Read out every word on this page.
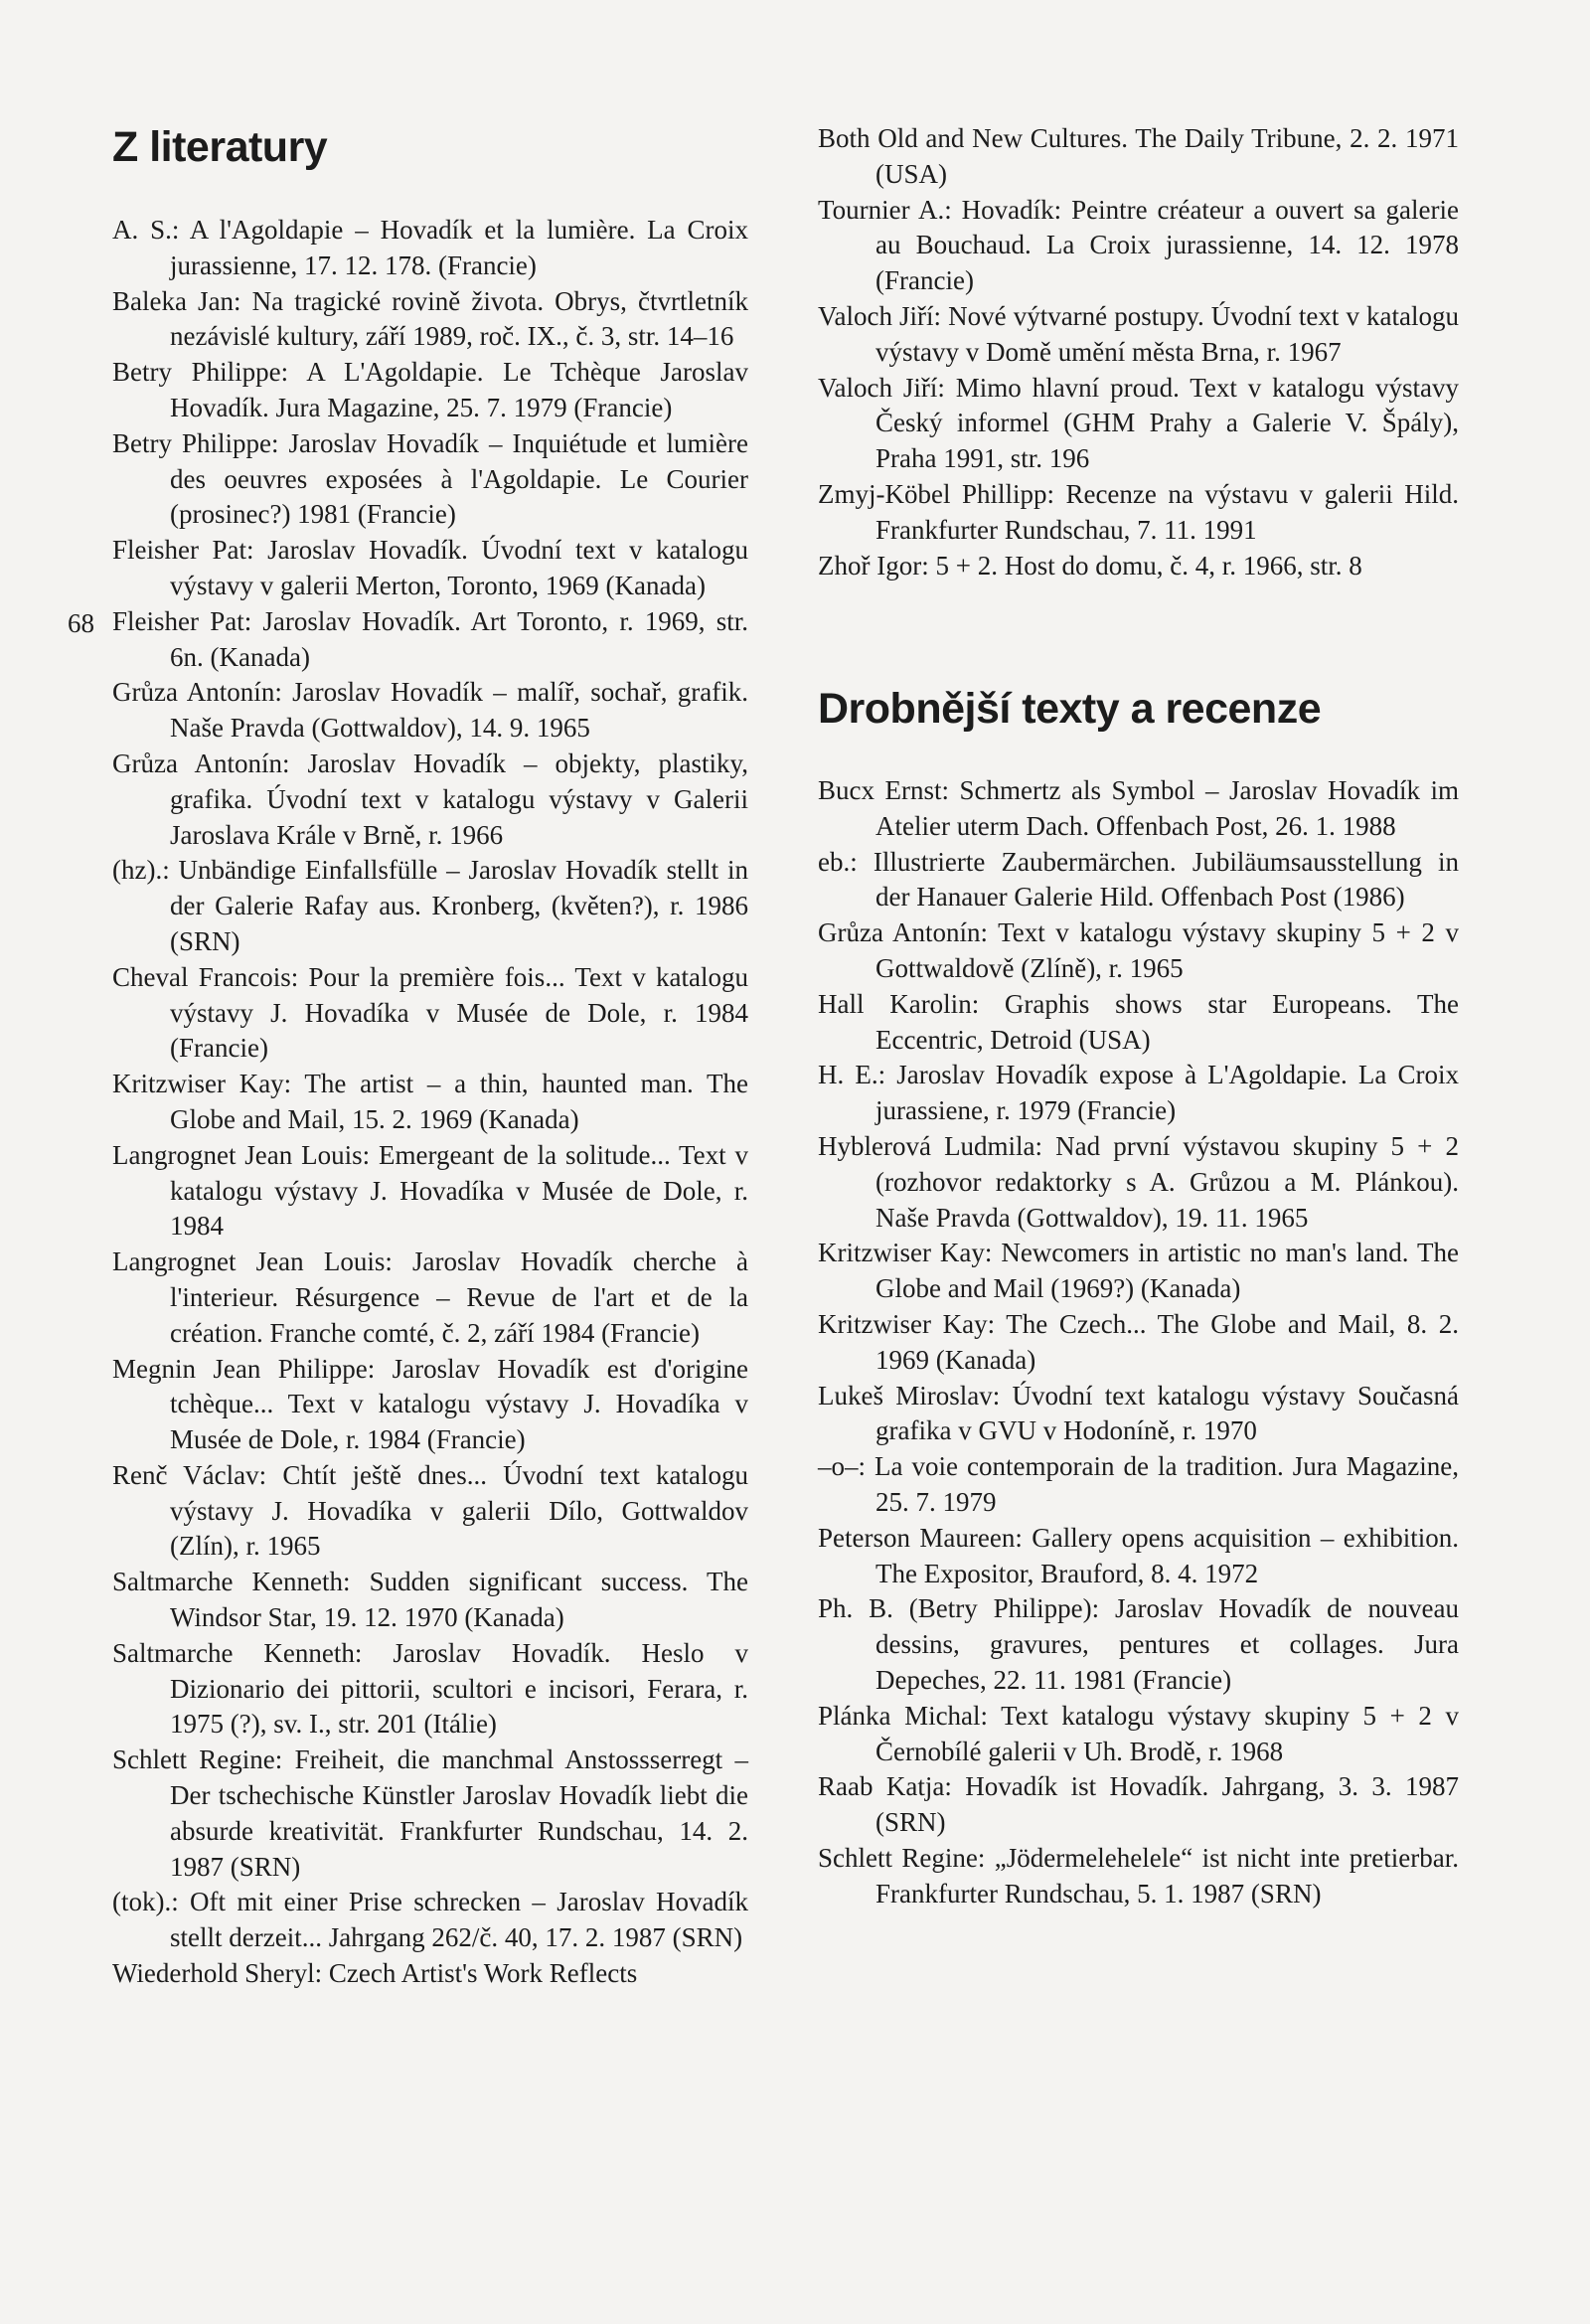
68
Z literatury
A. S.: A l'Agoldapie – Hovadík et la lumière. La Croix jurassienne, 17. 12. 178. (Francie)
Baleka Jan: Na tragické rovině života. Obrys, čtvrtletník nezávislé kultury, září 1989, roč. IX., č. 3, str. 14–16
Betry Philippe: A L'Agoldapie. Le Tchèque Jaroslav Hovadík. Jura Magazine, 25. 7. 1979 (Francie)
Betry Philippe: Jaroslav Hovadík – Inquiétude et lumière des oeuvres exposées à l'Agoldapie. Le Courier (prosinec?) 1981 (Francie)
Fleisher Pat: Jaroslav Hovadík. Úvodní text v katalogu výstavy v galerii Merton, Toronto, 1969 (Kanada)
Fleisher Pat: Jaroslav Hovadík. Art Toronto, r. 1969, str. 6n. (Kanada)
Grůza Antonín: Jaroslav Hovadík – malíř, sochař, grafik. Naše Pravda (Gottwaldov), 14. 9. 1965
Grůza Antonín: Jaroslav Hovadík – objekty, plastiky, grafika. Úvodní text v katalogu výstavy v Galerii Jaroslava Krále v Brně, r. 1966
(hz).: Unbändige Einfallsfülle – Jaroslav Hovadík stellt in der Galerie Rafay aus. Kronberg, (květen?), r. 1986 (SRN)
Cheval Francois: Pour la première fois... Text v katalogu výstavy J. Hovadíka v Musée de Dole, r. 1984 (Francie)
Kritzwiser Kay: The artist – a thin, haunted man. The Globe and Mail, 15. 2. 1969 (Kanada)
Langrognet Jean Louis: Emergeant de la solitude... Text v katalogu výstavy J. Hovadíka v Musée de Dole, r. 1984
Langrognet Jean Louis: Jaroslav Hovadík cherche à l'interieur. Résurgence – Revue de l'art et de la création. Franche comté, č. 2, září 1984 (Francie)
Megnin Jean Philippe: Jaroslav Hovadík est d'origine tchèque... Text v katalogu výstavy J. Hovadíka v Musée de Dole, r. 1984 (Francie)
Renč Václav: Chtít ještě dnes... Úvodní text katalogu výstavy J. Hovadíka v galerii Dílo, Gottwaldov (Zlín), r. 1965
Saltmarche Kenneth: Sudden significant success. The Windsor Star, 19. 12. 1970 (Kanada)
Saltmarche Kenneth: Jaroslav Hovadík. Heslo v Dizionario dei pittorii, scultori e incisori, Ferara, r. 1975 (?), sv. I., str. 201 (Itálie)
Schlett Regine: Freiheit, die manchmal Anstossserregt – Der tschechische Künstler Jaroslav Hovadík liebt die absurde kreativität. Frankfurter Rundschau, 14. 2. 1987 (SRN)
(tok).: Oft mit einer Prise schrecken – Jaroslav Hovadík stellt derzeit... Jahrgang 262/č. 40, 17. 2. 1987 (SRN)
Wiederhold Sheryl: Czech Artist's Work Reflects
Both Old and New Cultures. The Daily Tribune, 2. 2. 1971 (USA)
Tournier A.: Hovadík: Peintre créateur a ouvert sa galerie au Bouchaud. La Croix jurassienne, 14. 12. 1978 (Francie)
Valoch Jiří: Nové výtvarné postupy. Úvodní text v katalogu výstavy v Domě umění města Brna, r. 1967
Valoch Jiří: Mimo hlavní proud. Text v katalogu výstavy Český informel (GHM Prahy a Galerie V. Špály), Praha 1991, str. 196
Zmyj-Köbel Phillipp: Recenze na výstavu v galerii Hild. Frankfurter Rundschau, 7. 11. 1991
Zhoř Igor: 5 + 2. Host do domu, č. 4, r. 1966, str. 8
Drobnější texty a recenze
Bucx Ernst: Schmertz als Symbol – Jaroslav Hovadík im Atelier uterm Dach. Offenbach Post, 26. 1. 1988
eb.: Illustrierte Zaubermärchen. Jubiläumsausstellung in der Hanauer Galerie Hild. Offenbach Post (1986)
Grůza Antonín: Text v katalogu výstavy skupiny 5 + 2 v Gottwaldově (Zlíně), r. 1965
Hall Karolin: Graphis shows star Europeans. The Eccentric, Detroid (USA)
H. E.: Jaroslav Hovadík expose à L'Agoldapie. La Croix jurassiene, r. 1979 (Francie)
Hyblerová Ludmila: Nad první výstavou skupiny 5 + 2 (rozhovor redaktorky s A. Grůzou a M. Plánkou). Naše Pravda (Gottwaldov), 19. 11. 1965
Kritzwiser Kay: Newcomers in artistic no man's land. The Globe and Mail (1969?) (Kanada)
Kritzwiser Kay: The Czech... The Globe and Mail, 8. 2. 1969 (Kanada)
Lukeš Miroslav: Úvodní text katalogu výstavy Současná grafika v GVU v Hodoníně, r. 1970
–o–: La voie contemporain de la tradition. Jura Magazine, 25. 7. 1979
Peterson Maureen: Gallery opens acquisition – exhibition. The Expositor, Brauford, 8. 4. 1972
Ph. B. (Betry Philippe): Jaroslav Hovadík de nouveau dessins, gravures, pentures et collages. Jura Depeches, 22. 11. 1981 (Francie)
Plánka Michal: Text katalogu výstavy skupiny 5 + 2 v Černobílé galerii v Uh. Brodě, r. 1968
Raab Katja: Hovadík ist Hovadík. Jahrgang, 3. 3. 1987 (SRN)
Schlett Regine: „Jödermelehelele“ ist nicht inte pretierbar. Frankfurter Rundschau, 5. 1. 1987 (SRN)
